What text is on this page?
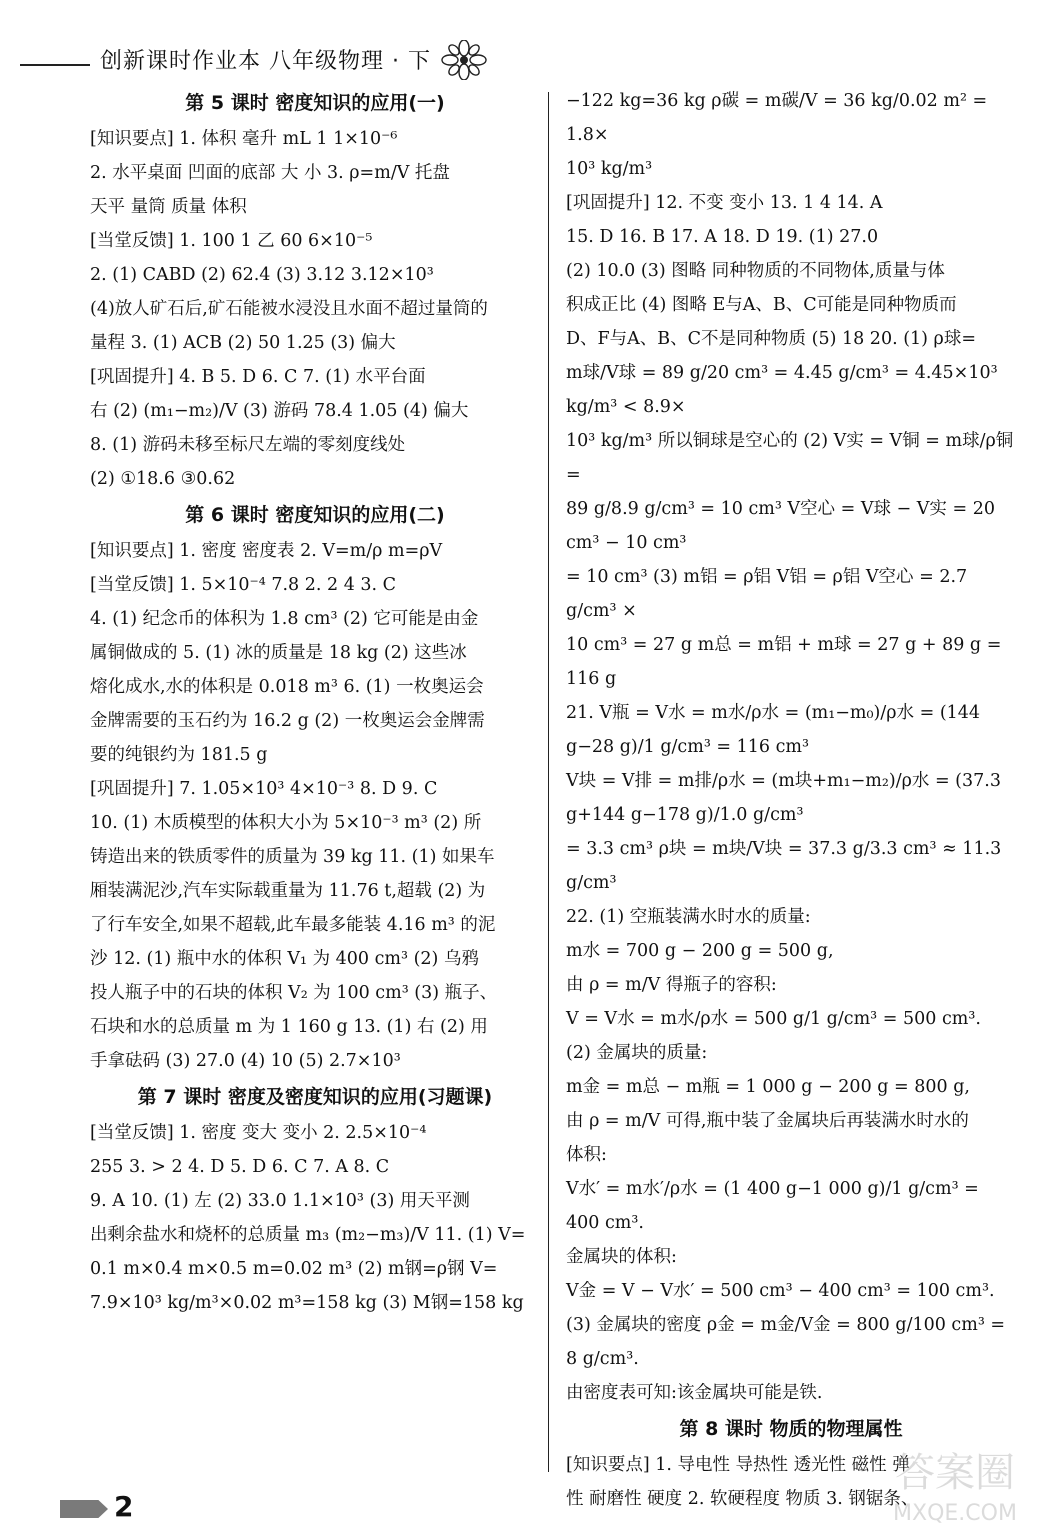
创新课时作业本 八年级物理 · 下
第 5 课时 密度知识的应用(一)
[知识要点] 1. 体积 毫升 mL 1 1×10⁻⁶
2. 水平桌面 凹面的底部 大 小 3. ρ=m/V 托盘
天平 量筒 质量 体积
[当堂反馈] 1. 100 1 乙 60 6×10⁻⁵
2. (1) CABD (2) 62.4 (3) 3.12 3.12×10³
(4)放人矿石后,矿石能被水浸没且水面不超过量筒的
量程 3. (1) ACB (2) 50 1.25 (3) 偏大
[巩固提升] 4. B 5. D 6. C 7. (1) 水平台面
右 (2) (m₁−m₂)/V (3) 游码 78.4 1.05 (4) 偏大
8. (1) 游码未移至标尺左端的零刻度线处
(2) ①18.6 ③0.62
第 6 课时 密度知识的应用(二)
[知识要点] 1. 密度 密度表 2. V=m/ρ m=ρV
[当堂反馈] 1. 5×10⁻⁴ 7.8 2. 2 4 3. C
4. (1) 纪念币的体积为 1.8 cm³ (2) 它可能是由金
属铜做成的 5. (1) 冰的质量是 18 kg (2) 这些冰
熔化成水,水的体积是 0.018 m³ 6. (1) 一枚奥运会
金牌需要的玉石约为 16.2 g (2) 一枚奥运会金牌需
要的纯银约为 181.5 g
[巩固提升] 7. 1.05×10³ 4×10⁻³ 8. D 9. C
10. (1) 木质模型的体积大小为 5×10⁻³ m³ (2) 所
铸造出来的铁质零件的质量为 39 kg 11. (1) 如果车
厢装满泥沙,汽车实际载重量为 11.76 t,超载 (2) 为
了行车安全,如果不超载,此车最多能装 4.16 m³ 的泥
沙 12. (1) 瓶中水的体积 V₁ 为 400 cm³ (2) 乌鸦
投人瓶子中的石块的体积 V₂ 为 100 cm³ (3) 瓶子、
石块和水的总质量 m 为 1 160 g 13. (1) 右 (2) 用
手拿砝码 (3) 27.0 (4) 10 (5) 2.7×10³
第 7 课时 密度及密度知识的应用(习题课)
[当堂反馈] 1. 密度 变大 变小 2. 2.5×10⁻⁴
255 3. > 2 4. D 5. D 6. C 7. A 8. C
9. A 10. (1) 左 (2) 33.0 1.1×10³ (3) 用天平测
出剩余盐水和烧杯的总质量 m₃ (m₂−m₃)/V 11. (1) V=
0.1 m×0.4 m×0.5 m=0.02 m³ (2) m钢=ρ钢 V=
7.9×10³ kg/m³×0.02 m³=158 kg (3) M钢=158 kg
−122 kg=36 kg ρ碳 = m碳/V = 36 kg/0.02 m² = 1.8×
10³ kg/m³
[巩固提升] 12. 不变 变小 13. 1 4 14. A
15. D 16. B 17. A 18. D 19. (1) 27.0
(2) 10.0 (3) 图略 同种物质的不同物体,质量与体
积成正比 (4) 图略 E与A、B、C可能是同种物质而
D、F与A、B、C不是同种物质 (5) 18 20. (1) ρ球=
m球/V球 = 89 g/20 cm³ = 4.45 g/cm³ = 4.45×10³ kg/m³ < 8.9×
10³ kg/m³ 所以铜球是空心的 (2) V实 = V铜 = m球/ρ铜 =
89 g/8.9 g/cm³ = 10 cm³ V空心 = V球 − V实 = 20 cm³ − 10 cm³
= 10 cm³ (3) m铝 = ρ铝 V铝 = ρ铝 V空心 = 2.7 g/cm³ ×
10 cm³ = 27 g m总 = m铝 + m球 = 27 g + 89 g = 116 g
21. V瓶 = V水 = m水/ρ水 = (m₁−m₀)/ρ水 = (144 g−28 g)/1 g/cm³ = 116 cm³
V块 = V排 = m排/ρ水 = (m块+m₁−m₂)/ρ水 = (37.3 g+144 g−178 g)/1.0 g/cm³
= 3.3 cm³ ρ块 = m块/V块 = 37.3 g/3.3 cm³ ≈ 11.3 g/cm³
22. (1) 空瓶装满水时水的质量:
m水 = 700 g − 200 g = 500 g,
由 ρ = m/V 得瓶子的容积:
V = V水 = m水/ρ水 = 500 g/1 g/cm³ = 500 cm³.
(2) 金属块的质量:
m金 = m总 − m瓶 = 1 000 g − 200 g = 800 g,
由 ρ = m/V 可得,瓶中装了金属块后再装满水时水的
体积:
V水′ = m水′/ρ水 = (1 400 g−1 000 g)/1 g/cm³ = 400 cm³.
金属块的体积:
V金 = V − V水′ = 500 cm³ − 400 cm³ = 100 cm³.
(3) 金属块的密度 ρ金 = m金/V金 = 800 g/100 cm³ = 8 g/cm³.
由密度表可知:该金属块可能是铁.
第 8 课时 物质的物理属性
[知识要点] 1. 导电性 导热性 透光性 磁性 弹
性 耐磨性 硬度 2. 软硬程度 物质 3. 钢锯条、
2
答案圈
MXQE.COM
